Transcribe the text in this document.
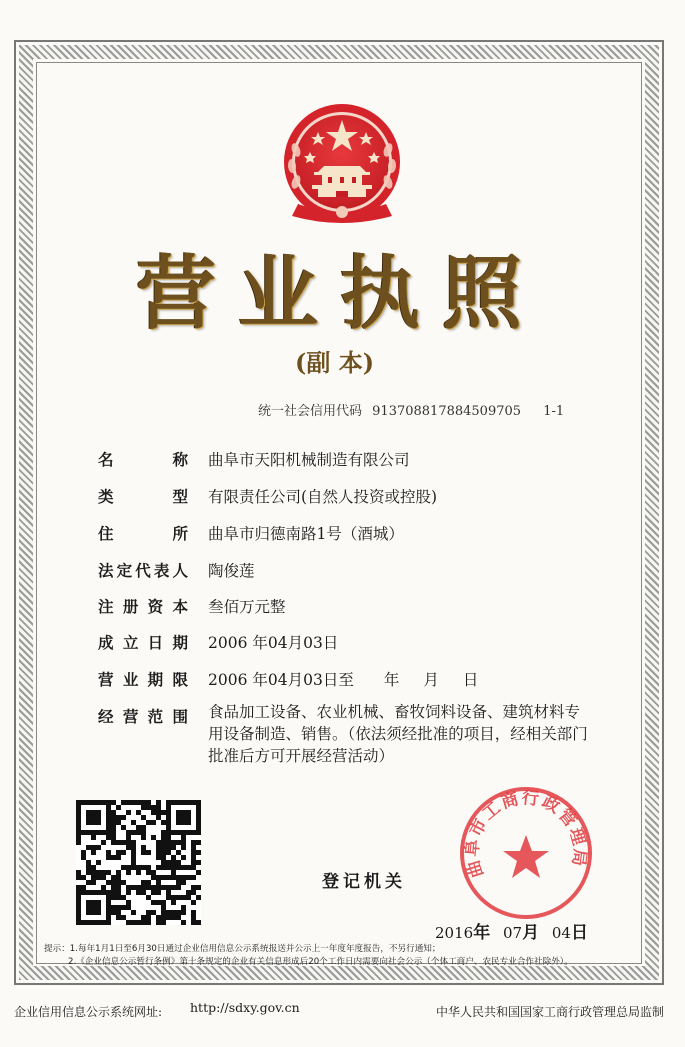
营业执照
(副 本)
统一社会信用代码 913708817884509705 1-1
名 称 曲阜市天阳机械制造有限公司
类 型 有限责任公司(自然人投资或控股)
住 所 曲阜市归德南路1号（酒城）
法定代表人 陶俊莲
注册资本 叁佰万元整
成立日期 2006 年04月03日
营业期限 2006 年04月03日至 年 月 日
经营范围 食品加工设备、农业机械、畜牧饲料设备、建筑材料专用设备制造、销售。（依法须经批准的项目，经相关部门批准后方可开展经营活动）
登记机关
曲阜市工商行政管理局
2016年 07月 04日
提示：1.每年1月1日至6月30日通过企业信用信息公示系统报送并公示上一年度年度报告，不另行通知；
2.《企业信息公示暂行条例》第十条规定的企业有关信息形成后20个工作日内需要向社会公示（个体工商户、农民专业合作社除外）。
企业信用信息公示系统网址: http://sdxy.gov.cn	中华人民共和国国家工商行政管理总局监制
